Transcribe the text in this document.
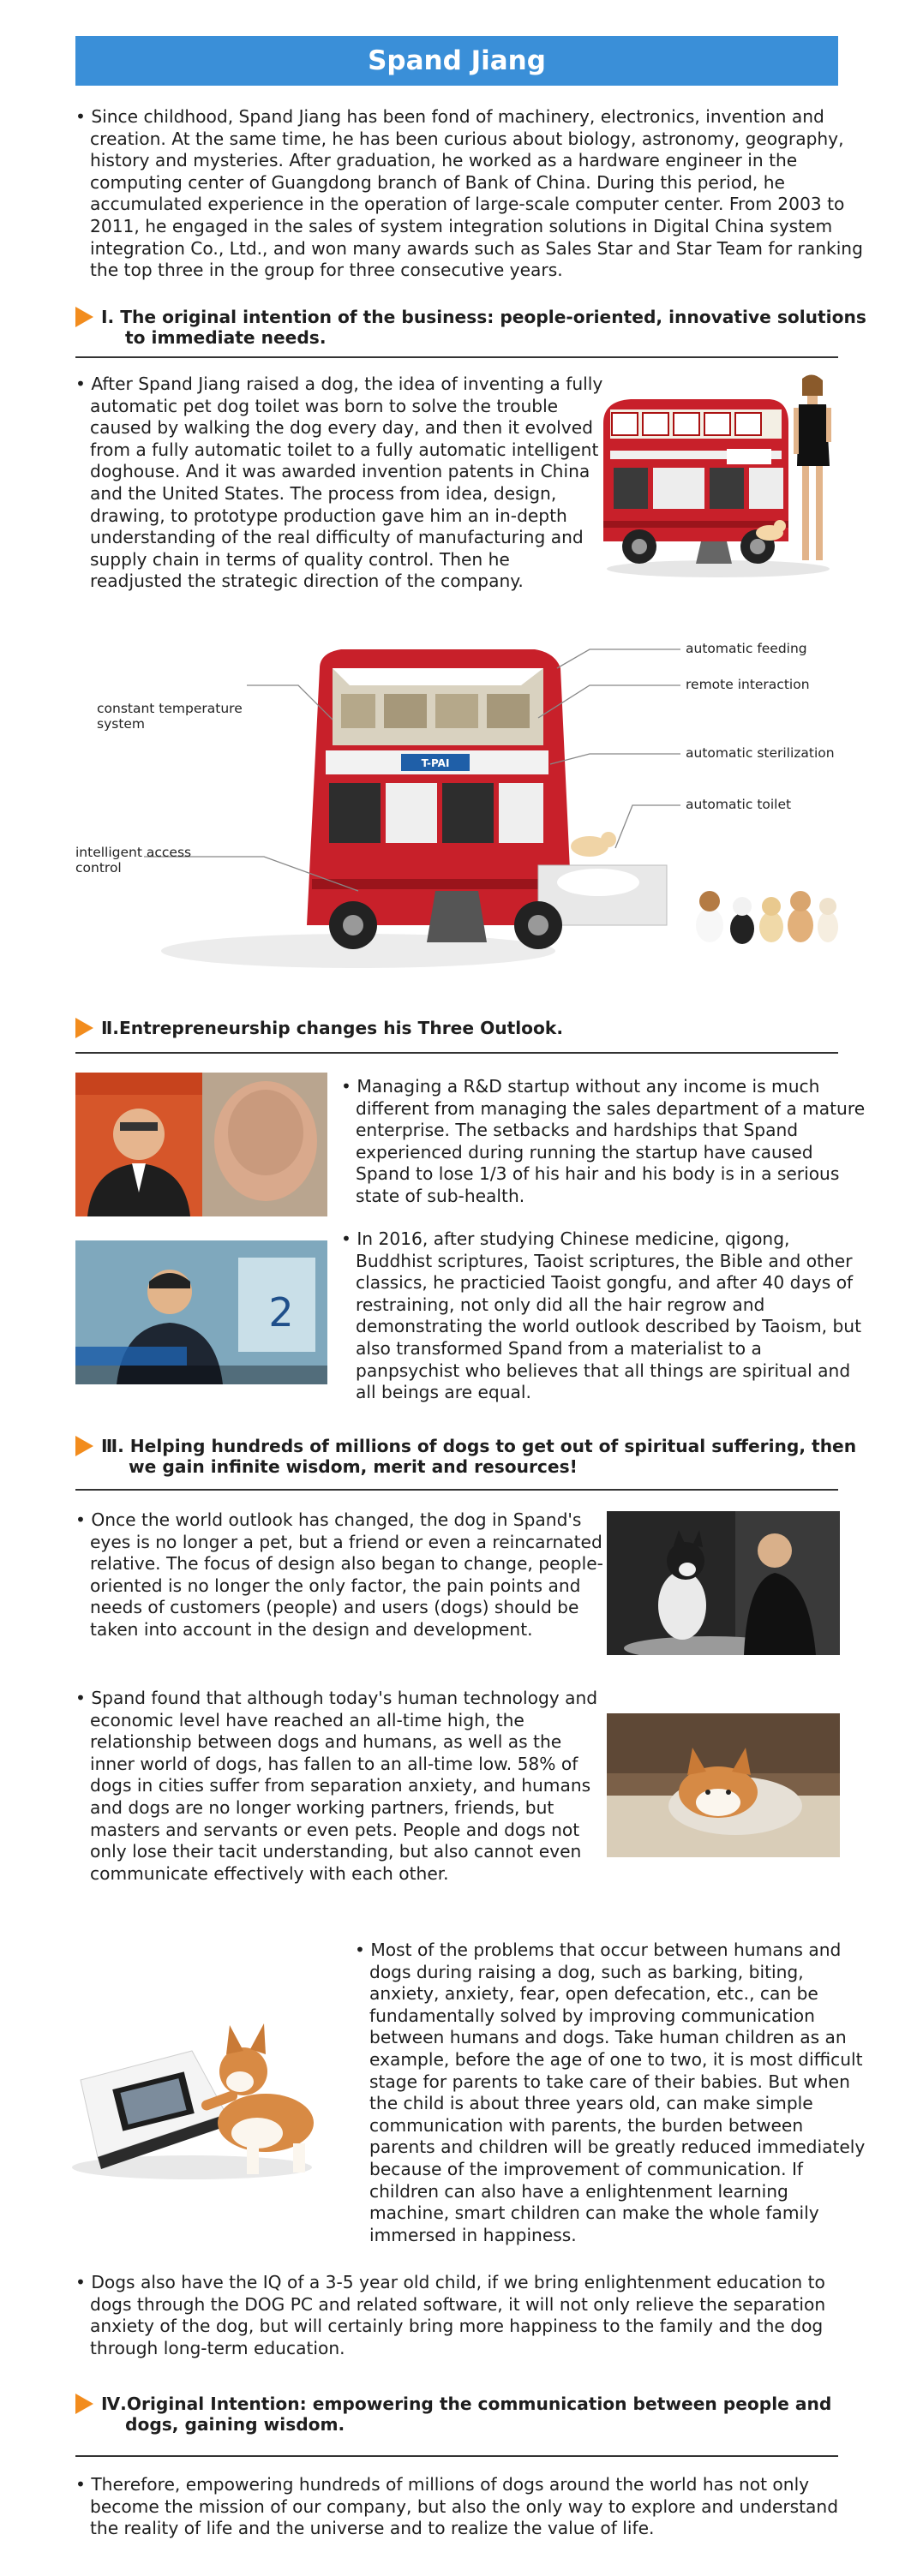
Spand Jiang
• Since childhood, Spand Jiang has been fond of machinery, electronics, invention and creation. At the same time, he has been curious about biology, astronomy, geography, history and mysteries. After graduation, he worked as a hardware engineer in the computing center of Guangdong branch of Bank of China. During this period, he accumulated experience in the operation of large-scale computer center. From 2003 to 2011, he engaged in the sales of system integration solutions in Digital China system integration Co., Ltd., and won many awards such as Sales Star and Star Team for ranking the top three in the group for three consecutive years.
Ⅰ. The original intention of the business: people-oriented, innovative solutions to immediate needs.
• After Spand Jiang raised a dog, the idea of inventing a fully automatic pet dog toilet was born to solve the trouble caused by walking the dog every day, and then it evolved from a fully automatic toilet to a fully automatic intelligent doghouse. And it was awarded invention patents in China and the United States. The process from idea, design, drawing, to prototype production gave him an in-depth understanding of the real difficulty of manufacturing and supply chain in terms of quality control. Then he readjusted the strategic direction of the company.
T-PAI
automatic feeding
remote interaction
automatic sterilization
automatic toilet
constant temperature system
intelligent access control
Ⅱ.Entrepreneurship changes his Three Outlook.
2
• Managing a R&D startup without any income is much different from managing the sales department of a mature enterprise. The setbacks and hardships that Spand experienced during running the startup have caused Spand to lose 1/3 of his hair and his body is in a serious state of sub-health.
• In 2016, after studying Chinese medicine, qigong, Buddhist scriptures, Taoist scriptures, the Bible and other classics, he practicied Taoist gongfu, and after 40 days of restraining, not only did all the hair regrow and demonstrating the world outlook described by Taoism, but also transformed Spand from a materialist to a panpsychist who believes that all things are spiritual and all beings are equal.
Ⅲ. Helping hundreds of millions of dogs to get out of spiritual suffering, then we gain infinite wisdom, merit and resources!
• Once the world outlook has changed, the dog in Spand's eyes is no longer a pet, but a friend or even a reincarnated relative. The focus of design also began to change, people-oriented is no longer the only factor, the pain points and needs of customers (people) and users (dogs) should be taken into account in the design and development.
• Spand found that although today's human technology and economic level have reached an all-time high, the relationship between dogs and humans, as well as the inner world of dogs, has fallen to an all-time low. 58% of dogs in cities suffer from separation anxiety, and humans and dogs are no longer working partners, friends, but masters and servants or even pets. People and dogs not only lose their tacit understanding, but also cannot even communicate effectively with each other.
• Most of the problems that occur between humans and dogs during raising a dog, such as barking, biting, anxiety, anxiety, fear, open defecation, etc., can be fundamentally solved by improving communication between humans and dogs. Take human children as an example, before the age of one to two, it is most difficult stage for parents to take care of their babies. But when the child is about three years old, can make simple communication with parents, the burden between parents and children will be greatly reduced immediately because of the improvement of communication. If children can also have a enlightenment learning machine, smart children can make the whole family immersed in happiness.
• Dogs also have the IQ of a 3-5 year old child, if we bring enlightenment education to dogs through the DOG PC and related software, it will not only relieve the separation anxiety of the dog, but will certainly bring more happiness to the family and the dog through long-term education.
Ⅳ.Original Intention: empowering the communication between people and dogs, gaining wisdom.
• Therefore, empowering hundreds of millions of dogs around the world has not only become the mission of our company, but also the only way to explore and understand the reality of life and the universe and to realize the value of life.
